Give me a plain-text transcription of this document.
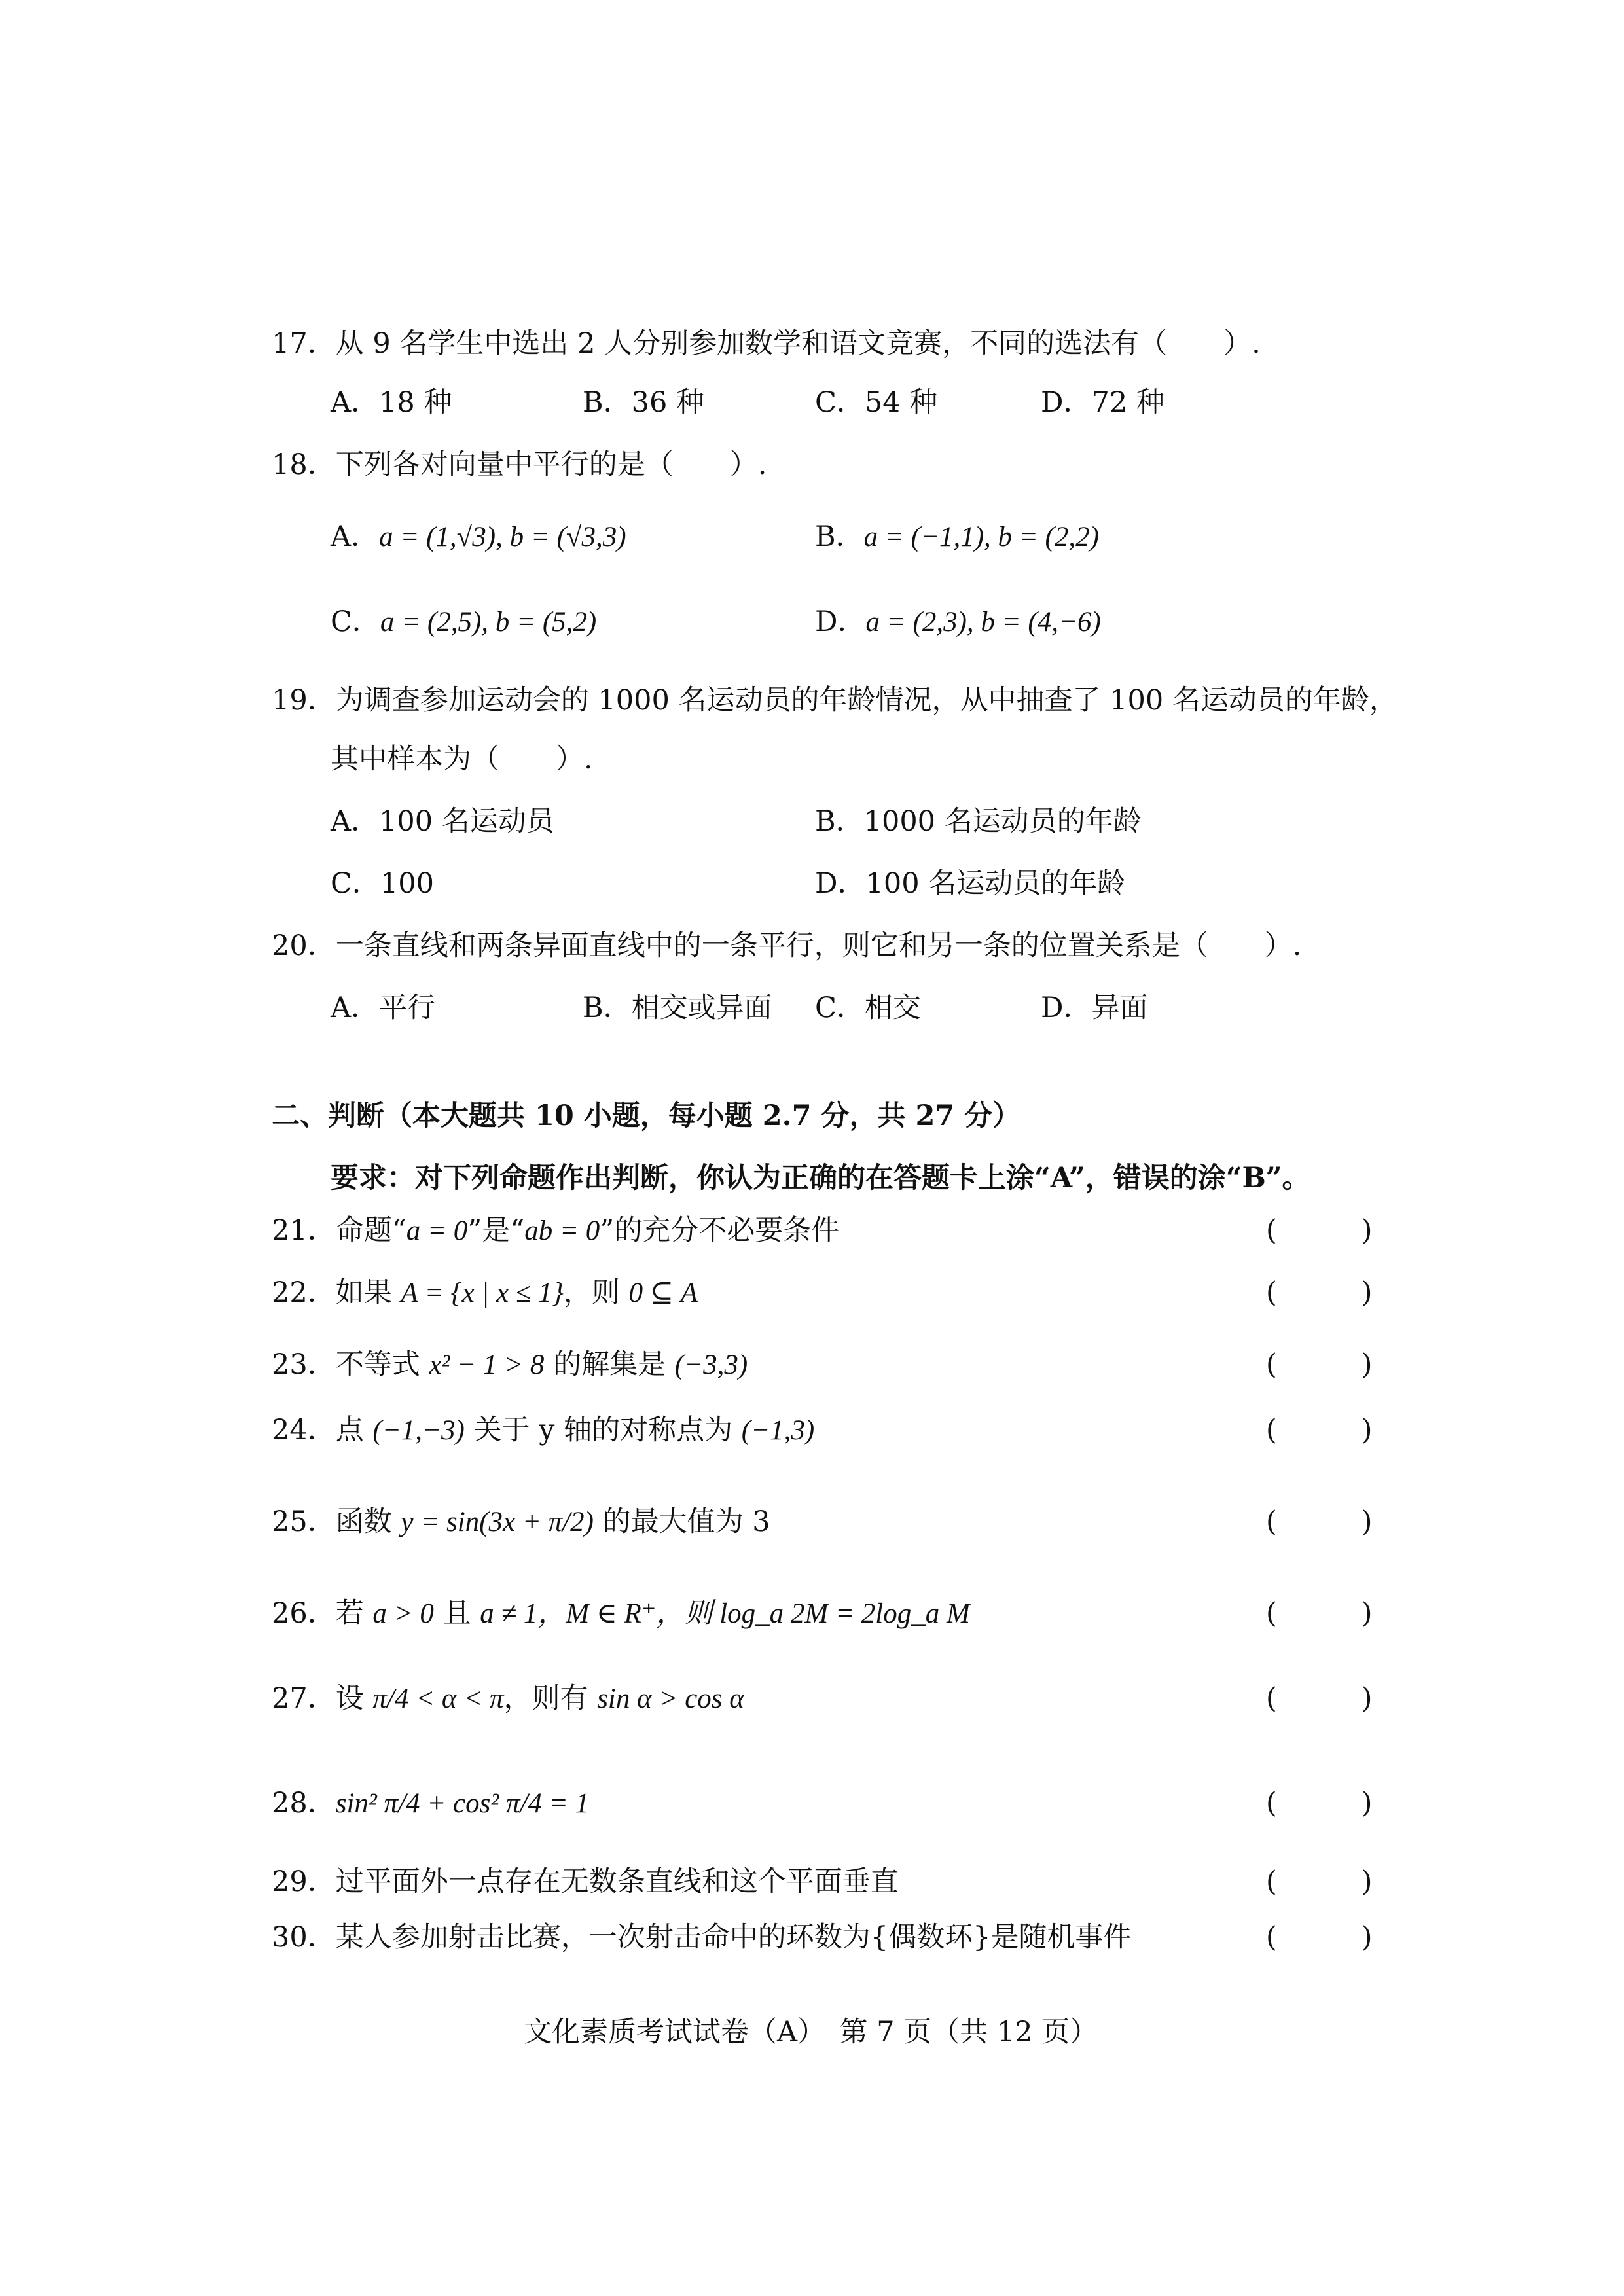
17．从 9 名学生中选出 2 人分别参加数学和语文竞赛，不同的选法有（　　）.
A．18 种	B．36 种	C．54 种	D．72 种
18．下列各对向量中平行的是（　　）.
A．a = (1,√3), b = (√3,3)	B．a = (−1,1), b = (2,2)
C．a = (2,5), b = (5,2)	D．a = (2,3), b = (4,−6)
19．为调查参加运动会的 1000 名运动员的年龄情况，从中抽查了 100 名运动员的年龄，
其中样本为（　　）.
A．100 名运动员	B．1000 名运动员的年龄
C．100	D．100 名运动员的年龄
20．一条直线和两条异面直线中的一条平行，则它和另一条的位置关系是（　　）.
A．平行	B．相交或异面 C．相交	D．异面
二、判断（本大题共 10 小题，每小题 2.7 分，共 27 分）
要求：对下列命题作出判断，你认为正确的在答题卡上涂“A”，错误的涂“B”。
21．命题“a = 0”是“ab = 0”的充分不必要条件	(　　　)
22．如果 A = {x | x ≤ 1}，则 0 ⊆ A	(　　　)
23．不等式 x² − 1 > 8 的解集是 (−3,3)	(　　　)
24．点 (−1,−3) 关于 y 轴的对称点为 (−1,3)	(　　　)
25．函数 y = sin(3x + π/2) 的最大值为 3	(　　　)
26．若 a > 0 且 a ≠ 1，M ∈ R⁺，则 log_a 2M = 2log_a M	(　　　)
27．设 π/4 < α < π，则有 sin α > cos α	(　　　)
28．sin² π/4 + cos² π/4 = 1	(　　　)
29．过平面外一点存在无数条直线和这个平面垂直	(　　　)
30．某人参加射击比赛，一次射击命中的环数为{偶数环}是随机事件	(　　　)
文化素质考试试卷（A）　第 7 页（共 12 页）
